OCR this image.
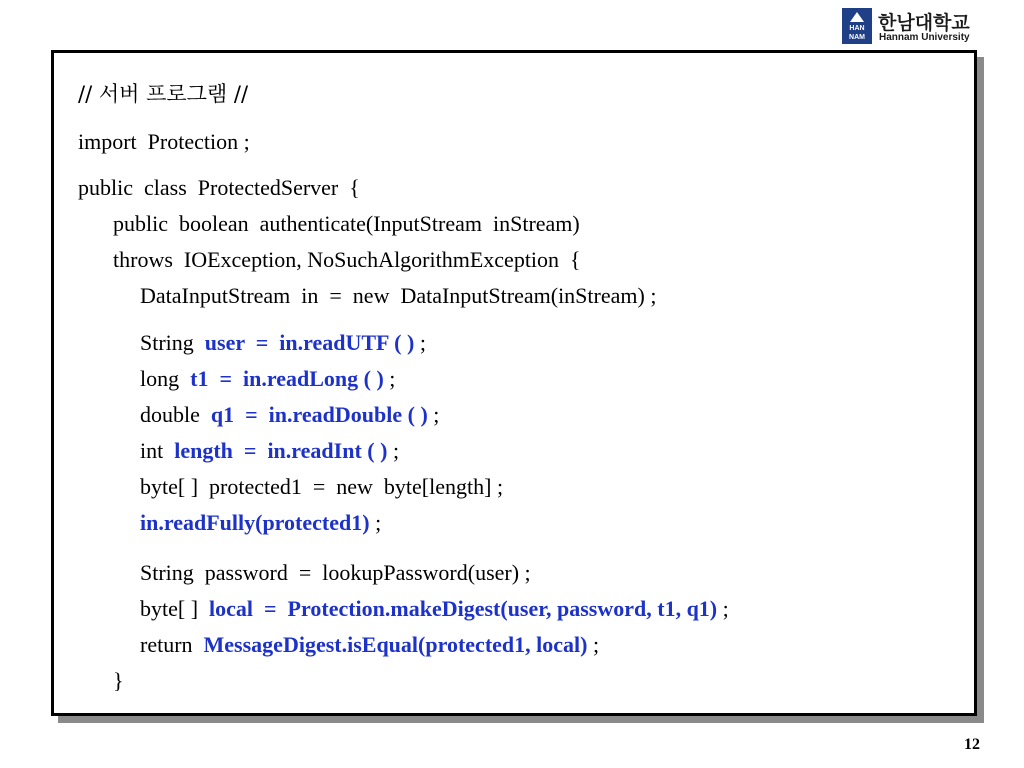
HAN
NAM
한남대학교
Hannam University
// 서버 프로그램 //
import  Protection ;
public  class  ProtectedServer  {
public  boolean  authenticate(InputStream  inStream)
throws  IOException, NoSuchAlgorithmException  {
DataInputStream  in  =  new  DataInputStream(inStream) ;
String  user  =  in.readUTF ( ) ;
long  t1  =  in.readLong ( ) ;
double  q1  =  in.readDouble ( ) ;
int  length  =  in.readInt ( ) ;
byte[ ]  protected1  =  new  byte[length] ;
in.readFully(protected1) ;
String  password  =  lookupPassword(user) ;
byte[ ]  local  =  Protection.makeDigest(user, password, t1, q1) ;
return  MessageDigest.isEqual(protected1, local) ;
}
12
